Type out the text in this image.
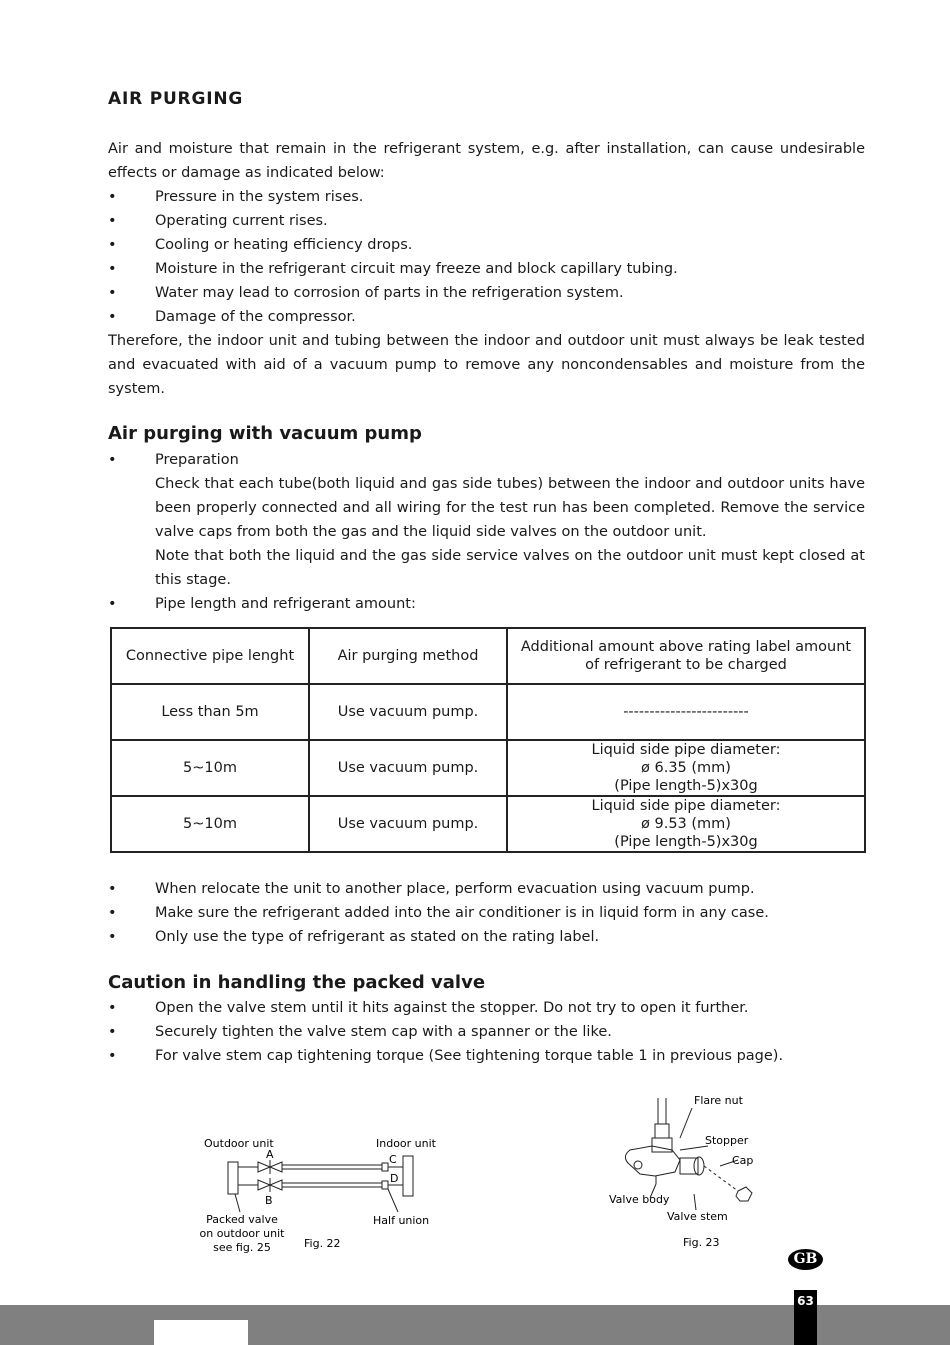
AIR PURGING
Air and moisture that remain in the refrigerant system, e.g. after installation, can cause undesirable effects or damage as indicated below:
•	Pressure in the system rises.
•	Operating current rises.
•	Cooling or heating efficiency drops.
•	Moisture in the refrigerant circuit may freeze and block capillary tubing.
•	Water may lead to corrosion of parts in the refrigeration system.
•	Damage of the compressor.
Therefore, the indoor unit and tubing between the indoor and outdoor unit must always be leak tested and evacuated with aid of a vacuum pump to remove any noncondensables and moisture from the system.
Air purging with vacuum pump
•	Preparation
Check that each tube(both liquid and gas side tubes) between the indoor and outdoor units have been properly connected and all wiring for the test run has been completed. Remove the service valve caps from both the gas and the liquid side valves on the outdoor unit.
Note that both the liquid and the gas side service valves on the outdoor unit must kept closed at this stage.
•	Pipe length and refrigerant amount:
Connective pipe lenght	Air purging method	Additional amount above rating label amount of refrigerant to be charged
Less than 5m	Use vacuum pump.	------------------------

5~10m	Use vacuum pump.	Liquid side pipe diameter:
ø 6.35 (mm)
(Pipe length-5)x30g

5~10m	Use vacuum pump.	Liquid side pipe diameter:
ø 9.53 (mm)
(Pipe length-5)x30g
•	When relocate the unit to another place, perform evacuation using vacuum pump.
•	Make sure the refrigerant added into the air conditioner is in liquid form in any case.
•	Only use the type of refrigerant as stated on the rating label.
Caution in handling the packed valve
•	Open the valve stem until it hits against the stopper. Do not try to open it further.
•	Securely tighten the valve stem cap with a spanner or the like.
•	For valve stem cap tightening torque (See tightening torque table 1 in previous page).
Outdoor unit	Indoor unit
A
B
C
D
Packed valve
on outdoor unit
see fig. 25
Half union
Fig. 22
Flare nut
Stopper
Cap
Valve body
Valve stem
Fig. 23
GB
63
